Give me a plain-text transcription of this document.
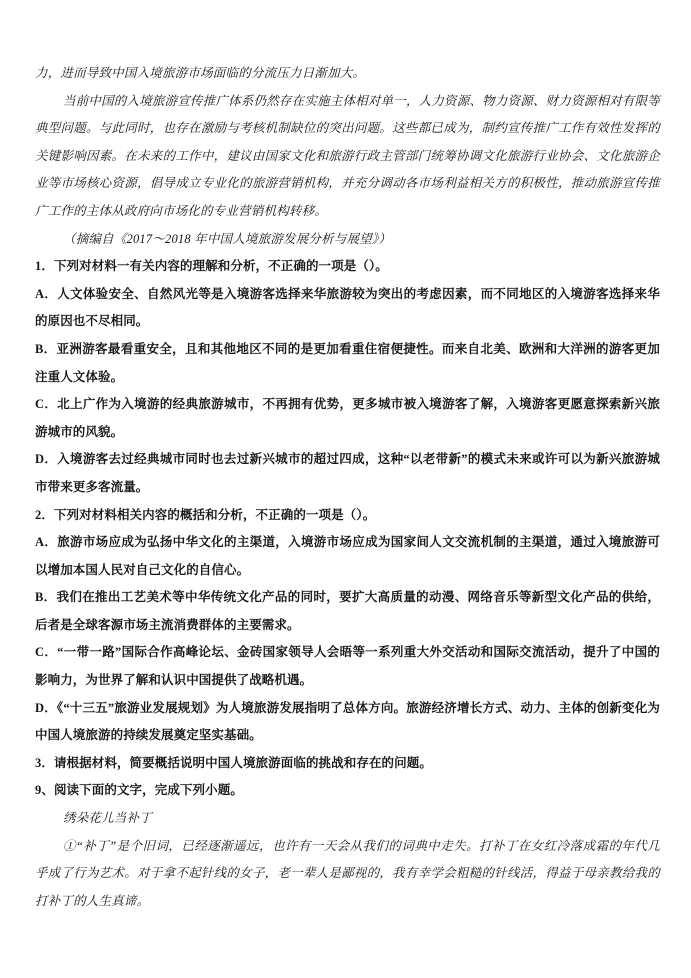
力，进而导致中国入境旅游市场面临的分流压力日渐加大。

当前中国的入境旅游宣传推广体系仍然存在实施主体相对单一，人力资源、物力资源、财力资源相对有限等典型问题。与此同时，也存在激励与考核机制缺位的突出问题。这些都已成为，制约宣传推广工作有效性发挥的关键影响因素。在未来的工作中，建议由国家文化和旅游行政主管部门统筹协调文化旅游行业协会、文化旅游企业等市场核心资源，倡导成立专业化的旅游营销机构，并充分调动各市场利益相关方的积极性，推动旅游宣传推广工作的主体从政府向市场化的专业营销机构转移。

（摘编自《2017～2018 年中国人境旅游发展分析与展望》）

1．下列对材料一有关内容的理解和分析，不正确的一项是（）。

A．人文体验安全、自然风光等是入境游客选择来华旅游较为突出的考虑因素，而不同地区的入境游客选择来华的原因也不尽相同。

B．亚洲游客最看重安全，且和其他地区不同的是更加看重住宿便捷性。而来自北美、欧洲和大洋洲的游客更加注重人文体验。

C．北上广作为入境游的经典旅游城市，不再拥有优势，更多城市被入境游客了解，入境游客更愿意探索新兴旅游城市的风貌。

D．入境游客去过经典城市同时也去过新兴城市的超过四成，这种“以老带新”的模式未来或许可以为新兴旅游城市带来更多客流量。

2．下列对材料相关内容的概括和分析，不正确的一项是（）。

A．旅游市场应成为弘扬中华文化的主渠道，入境游市场应成为国家间人文交流机制的主渠道，通过入境旅游可以增加本国人民对自己文化的自信心。

B．我们在推出工艺美术等中华传统文化产品的同时，要扩大高质量的动漫、网络音乐等新型文化产品的供给，后者是全球客源市场主流消费群体的主要需求。

C．“一带一路”国际合作高峰论坛、金砖国家领导人会晤等一系列重大外交活动和国际交流活动，提升了中国的影响力，为世界了解和认识中国提供了战略机遇。

D．《“十三五”旅游业发展规划》为人境旅游发展指明了总体方向。旅游经济增长方式、动力、主体的创新变化为中国人境旅游的持续发展奠定坚实基础。

3．请根据材料，简要概括说明中国人境旅游面临的挑战和存在的问题。

9、阅读下面的文字，完成下列小题。

绣朵花儿当补丁

①“补丁”是个旧词，已经逐渐遥远，也许有一天会从我们的词典中走失。打补丁在女红冷落成霜的年代几乎成了行为艺术。对于拿不起针线的女子，老一辈人是鄙视的，我有幸学会粗糙的针线活，得益于母亲教给我的打补丁的人生真谛。
